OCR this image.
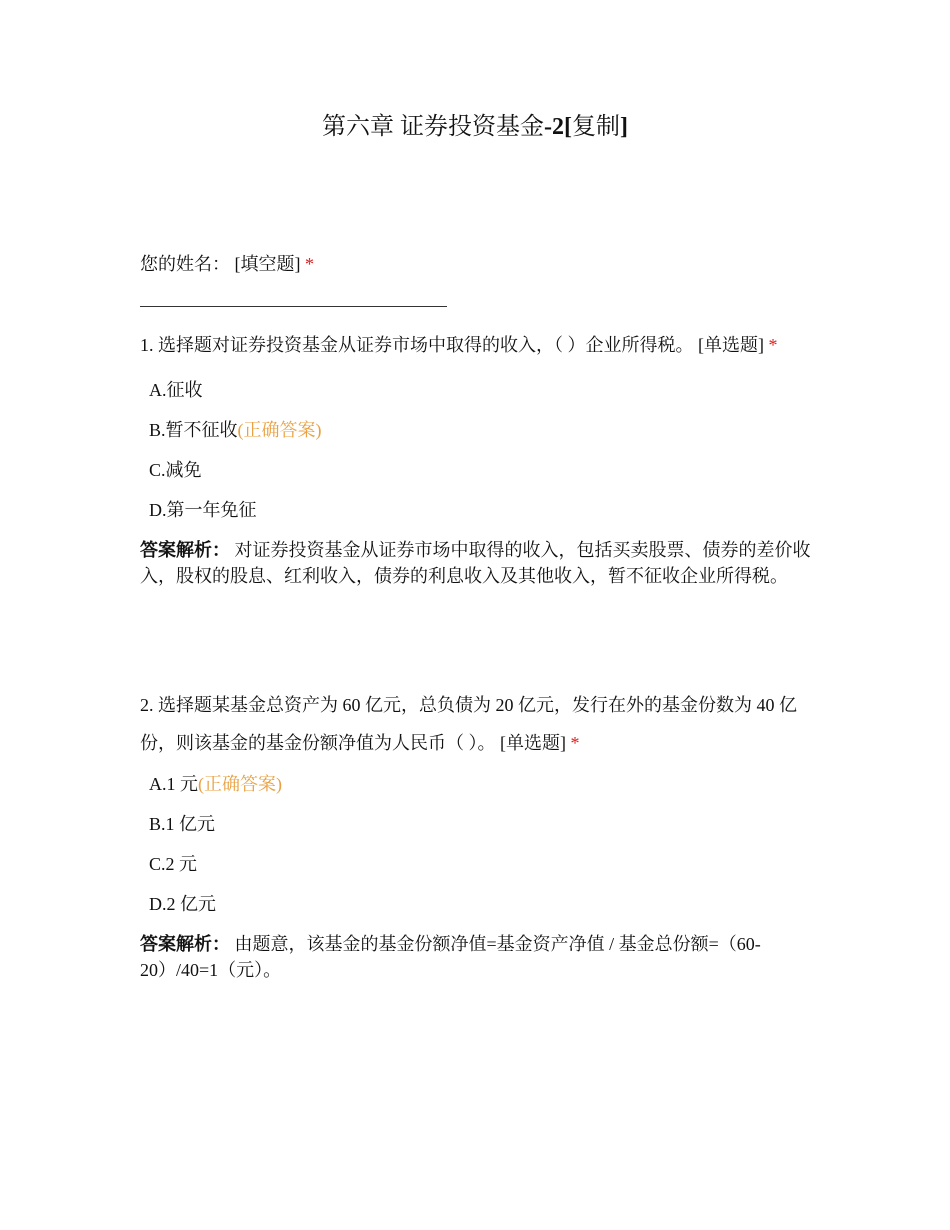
第六章 证券投资基金-2[复制]
您的姓名： [填空题] *
1. 选择题对证券投资基金从证券市场中取得的收入，（ ）企业所得税。 [单选题] *
A.征收
B.暂不征收(正确答案)
C.减免
D.第一年免征
答案解析： 对证券投资基金从证券市场中取得的收入，包括买卖股票、债券的差价收入，股权的股息、红利收入，债券的利息收入及其他收入，暂不征收企业所得税。
2. 选择题某基金总资产为 60 亿元，总负债为 20 亿元，发行在外的基金份数为 40 亿份，则该基金的基金份额净值为人民币（ ）。 [单选题] *
A.1 元(正确答案)
B.1 亿元
C.2 元
D.2 亿元
答案解析： 由题意，该基金的基金份额净值=基金资产净值 / 基金总份额=（60-20）/40=1（元）。
